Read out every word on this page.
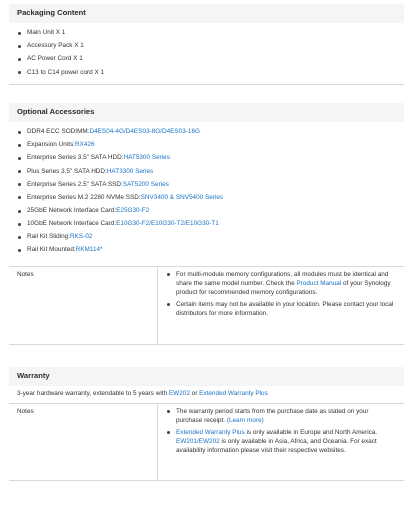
Packaging Content
Main Unit X 1
Accessory Pack X 1
AC Power Cord X 1
C13 to C14 power cord X 1
Optional Accessories
DDR4 ECC SODIMM: D4ES04-4G/D4ES03-8G/D4ES03-16G
Expansion Units: RX426
Enterprise Series 3.5" SATA HDD: HAT5300 Series
Plus Series 3.5" SATA HDD: HAT3300 Series
Enterprise Series 2.5" SATA SSD: SAT5200 Series
Enterprise Series M.2 2280 NVMe SSD: SNV3400 & SNV5400 Series
25GbE Network Interface Card: E25G30-F2
10GbE Network Interface Card: E10G30-F2/E10G30-T2/E10G30-T1
Rail Kit Sliding: RKS-02
Rail Kit Mounted: RKM114*
Notes	For multi-module memory configurations, all modules must be identical and share the same model number. Check the Product Manual of your Synology product for recommended memory configurations.
Certain items may not be available in your location. Please contact your local distributors for more information.
Warranty
3-year hardware warranty, extendable to 5 years with EW202 or Extended Warranty Plus
Notes	The warranty period starts from the purchase date as stated on your purchase receipt. (Learn more)
Extended Warranty Plus is only available in Europe and North America. EW201/EW202 is only available in Asia, Africa, and Oceania. For exact availability information please visit their respective websites.
